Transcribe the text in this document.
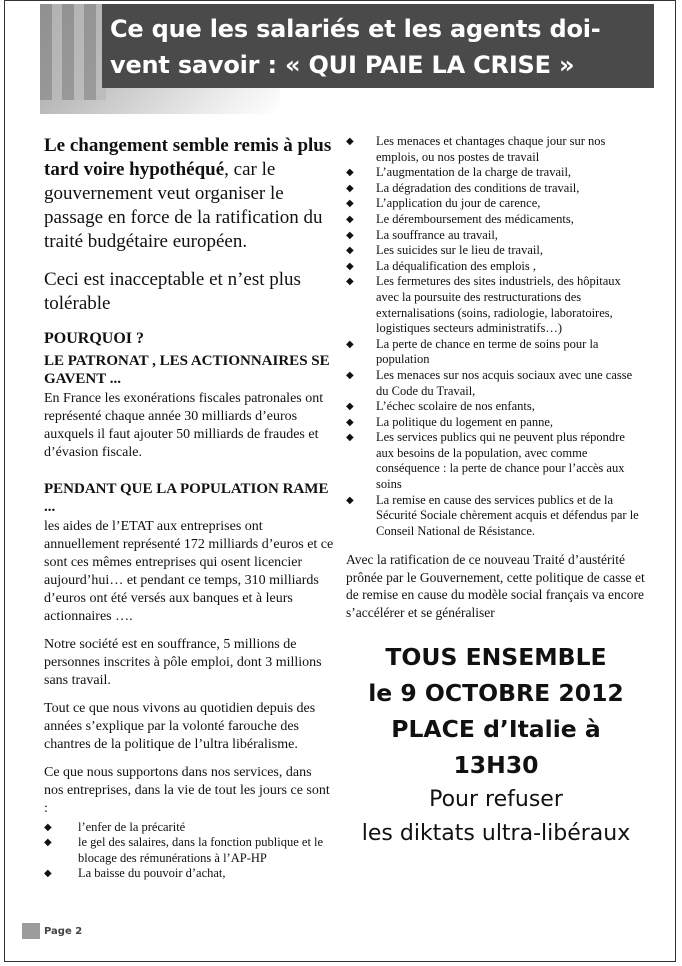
Ce que les salariés et les agents doi-vent savoir : « QUI PAIE LA CRISE »

Le changement semble remis à plus tard voire hypothéqué, car le gouvernement veut organiser le passage en force de la ratification du traité budgétaire européen.

Ceci est inacceptable et n’est plus tolérable

POURQUOI ?

LE PATRONAT , LES ACTIONNAIRES SE GAVENT ...

En France les exonérations fiscales patronales ont représenté chaque année 30 milliards d’euros auxquels il faut ajouter 50 milliards de fraudes et d’évasion fiscale.

PENDANT QUE LA POPULATION RAME ...

les aides de l’ETAT aux entreprises ont annuellement représenté 172 milliards d’euros et ce sont ces mêmes entreprises qui osent licencier aujourd’hui… et pendant ce temps, 310 milliards d’euros ont été versés aux banques et à leurs actionnaires ….

Notre société est en souffrance, 5 millions de personnes inscrites à pôle emploi, dont 3 millions sans travail.

Tout ce que nous vivons au quotidien depuis des années s’explique par la volonté farouche des chantres de la politique de l’ultra libéralisme.

Ce que nous supportons dans nos services, dans nos entreprises, dans la vie de tout les jours ce sont :

◆ l’enfer de la précarité
◆ le gel des salaires, dans la fonction publique et le blocage des rémunérations à l’AP-HP
◆ La baisse du pouvoir d’achat,
◆ Les menaces et chantages chaque jour sur nos emplois, ou nos postes de travail
◆ L’augmentation de la charge de travail,
◆ La dégradation des conditions de travail,
◆ L’application du jour de carence,
◆ Le déremboursement des médicaments,
◆ La souffrance au travail,
◆ Les suicides sur le lieu de travail,
◆ La déqualification des emplois ,
◆ Les fermetures des sites industriels, des hôpitaux avec la poursuite des restructurations des externalisations (soins, radiologie, laboratoires, logistiques secteurs administratifs…)
◆ La perte de chance en terme de soins pour la population
◆ Les menaces sur nos acquis sociaux avec une casse du Code du Travail,
◆ L’échec scolaire de nos enfants,
◆ La politique du logement en panne,
◆ Les services publics qui ne peuvent plus répondre aux besoins de la population, avec comme conséquence : la perte de chance pour l’accès aux soins
◆ La remise en cause des services publics et de la Sécurité Sociale chèrement acquis et défendus par le Conseil National de Résistance.

Avec la ratification de ce nouveau Traité d’austérité prônée par le Gouvernement, cette politique de casse et de remise en cause du modèle social français va encore s’accélérer et se généraliser

TOUS ENSEMBLE
le 9 OCTOBRE 2012
PLACE d’Italie à
13H30

Pour refuser
les diktats ultra-libéraux

Page 2
